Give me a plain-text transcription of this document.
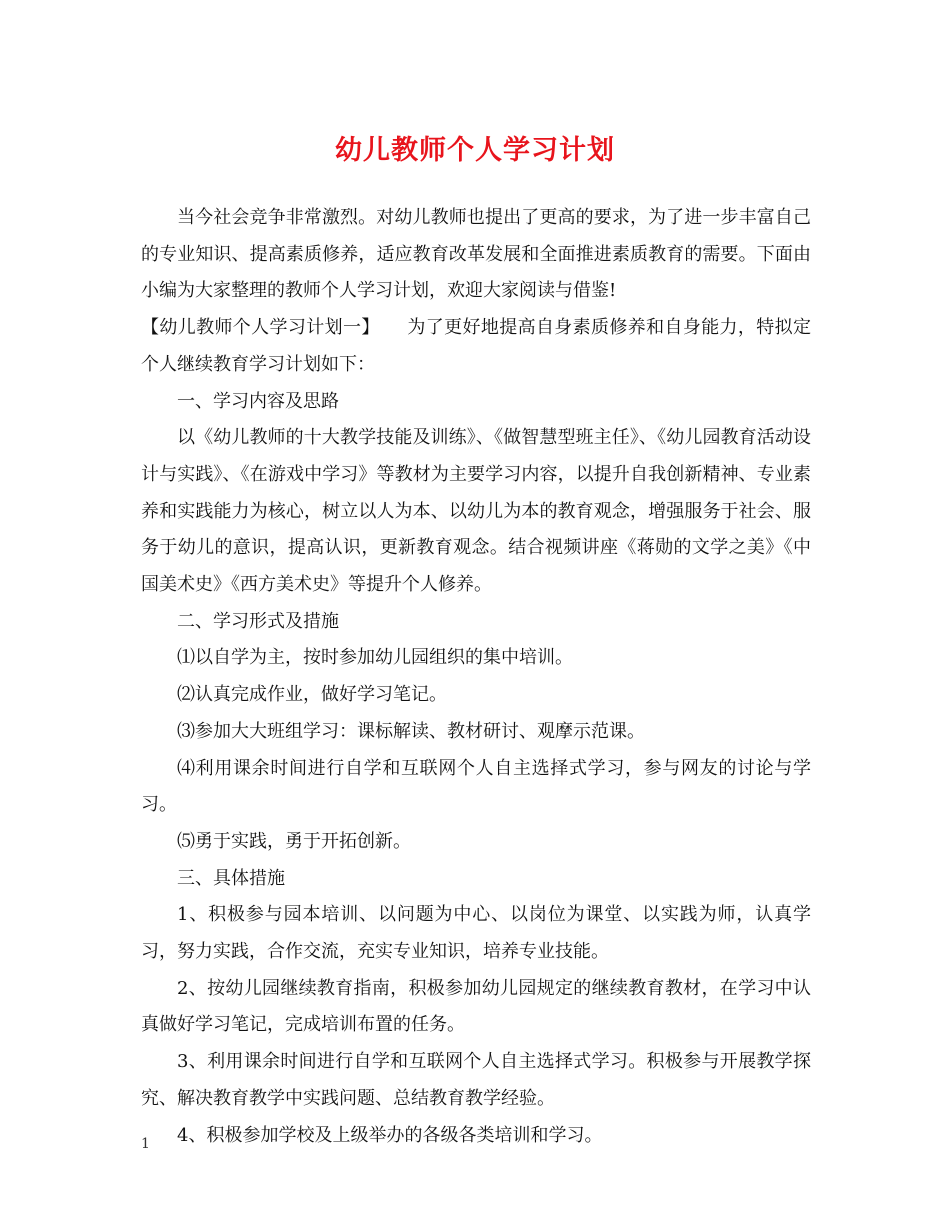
幼儿教师个人学习计划

当今社会竞争非常激烈。对幼儿教师也提出了更高的要求，为了进一步丰富自己的专业知识、提高素质修养，适应教育改革发展和全面推进素质教育的需要。下面由小编为大家整理的教师个人学习计划，欢迎大家阅读与借鉴!

【幼儿教师个人学习计划一】　　为了更好地提高自身素质修养和自身能力，特拟定个人继续教育学习计划如下：

一、学习内容及思路

以《幼儿教师的十大教学技能及训练》、《做智慧型班主任》、《幼儿园教育活动设计与实践》、《在游戏中学习》等教材为主要学习内容，以提升自我创新精神、专业素养和实践能力为核心，树立以人为本、以幼儿为本的教育观念，增强服务于社会、服务于幼儿的意识，提高认识，更新教育观念。结合视频讲座《蒋勋的文学之美》《中国美术史》《西方美术史》等提升个人修养。

二、学习形式及措施

⑴以自学为主，按时参加幼儿园组织的集中培训。

⑵认真完成作业，做好学习笔记。

⑶参加大大班组学习：课标解读、教材研讨、观摩示范课。

⑷利用课余时间进行自学和互联网个人自主选择式学习，参与网友的讨论与学习。

⑸勇于实践，勇于开拓创新。

三、具体措施

1、积极参与园本培训、以问题为中心、以岗位为课堂、以实践为师，认真学习，努力实践，合作交流，充实专业知识，培养专业技能。

2、按幼儿园继续教育指南，积极参加幼儿园规定的继续教育教材，在学习中认真做好学习笔记，完成培训布置的任务。

3、利用课余时间进行自学和互联网个人自主选择式学习。积极参与开展教学探究、解决教育教学中实践问题、总结教育教学经验。

4、积极参加学校及上级举办的各级各类培训和学习。

1
